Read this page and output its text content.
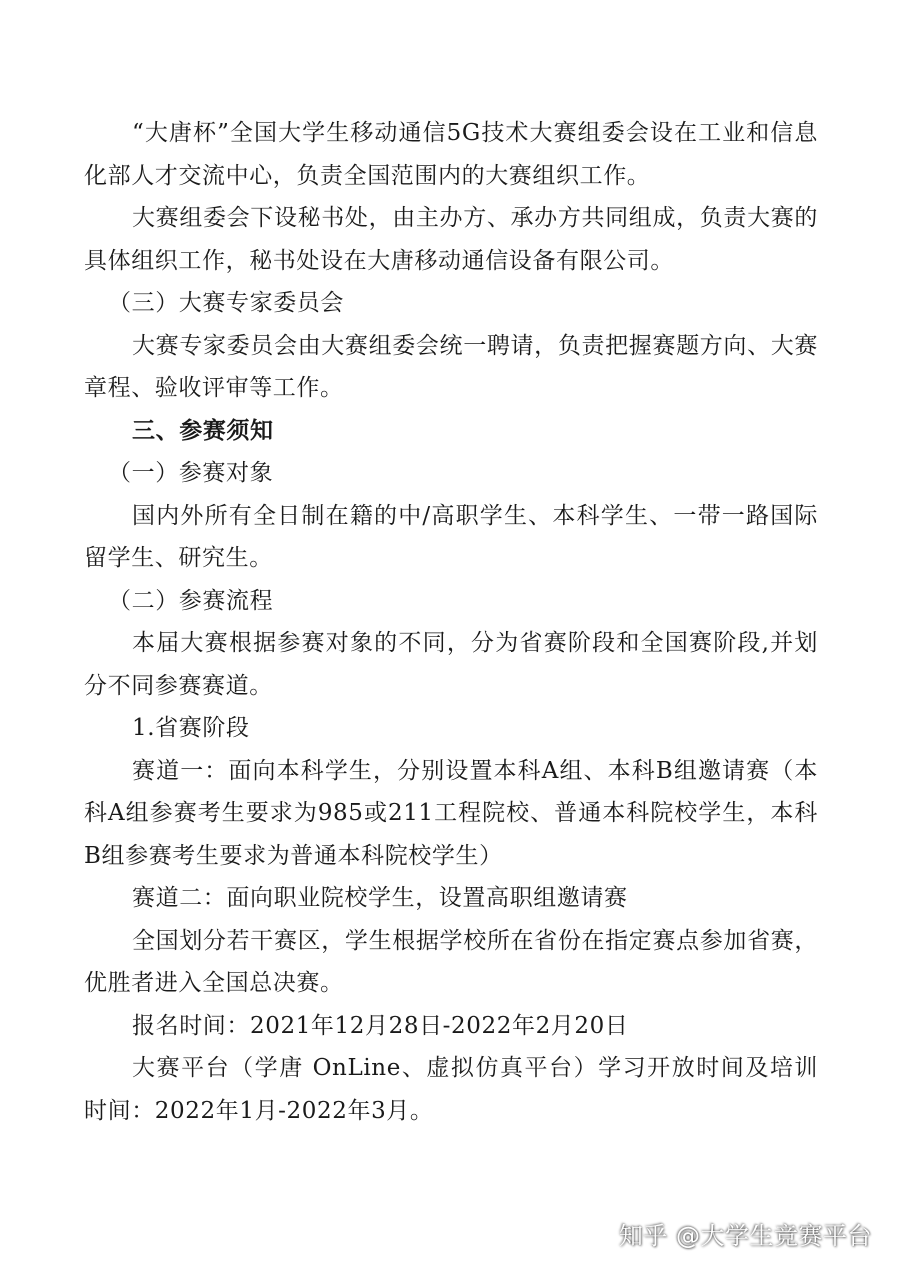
“大唐杯”全国大学生移动通信5G技术大赛组委会设在工业和信息化部人才交流中心，负责全国范围内的大赛组织工作。

大赛组委会下设秘书处，由主办方、承办方共同组成，负责大赛的具体组织工作，秘书处设在大唐移动通信设备有限公司。

（三）大赛专家委员会

大赛专家委员会由大赛组委会统一聘请，负责把握赛题方向、大赛章程、验收评审等工作。

三、参赛须知

（一）参赛对象

国内外所有全日制在籍的中/高职学生、本科学生、一带一路国际留学生、研究生。

（二）参赛流程

本届大赛根据参赛对象的不同，分为省赛阶段和全国赛阶段,并划分不同参赛赛道。

1.省赛阶段

赛道一：面向本科学生，分别设置本科A组、本科B组邀请赛（本科A组参赛考生要求为985或211工程院校、普通本科院校学生，本科B组参赛考生要求为普通本科院校学生）

赛道二：面向职业院校学生，设置高职组邀请赛

全国划分若干赛区，学生根据学校所在省份在指定赛点参加省赛，优胜者进入全国总决赛。

报名时间：2021年12月28日-2022年2月20日

大赛平台（学唐 OnLine、虚拟仿真平台）学习开放时间及培训时间：2022年1月-2022年3月。

知乎 @大学生竞赛平台
